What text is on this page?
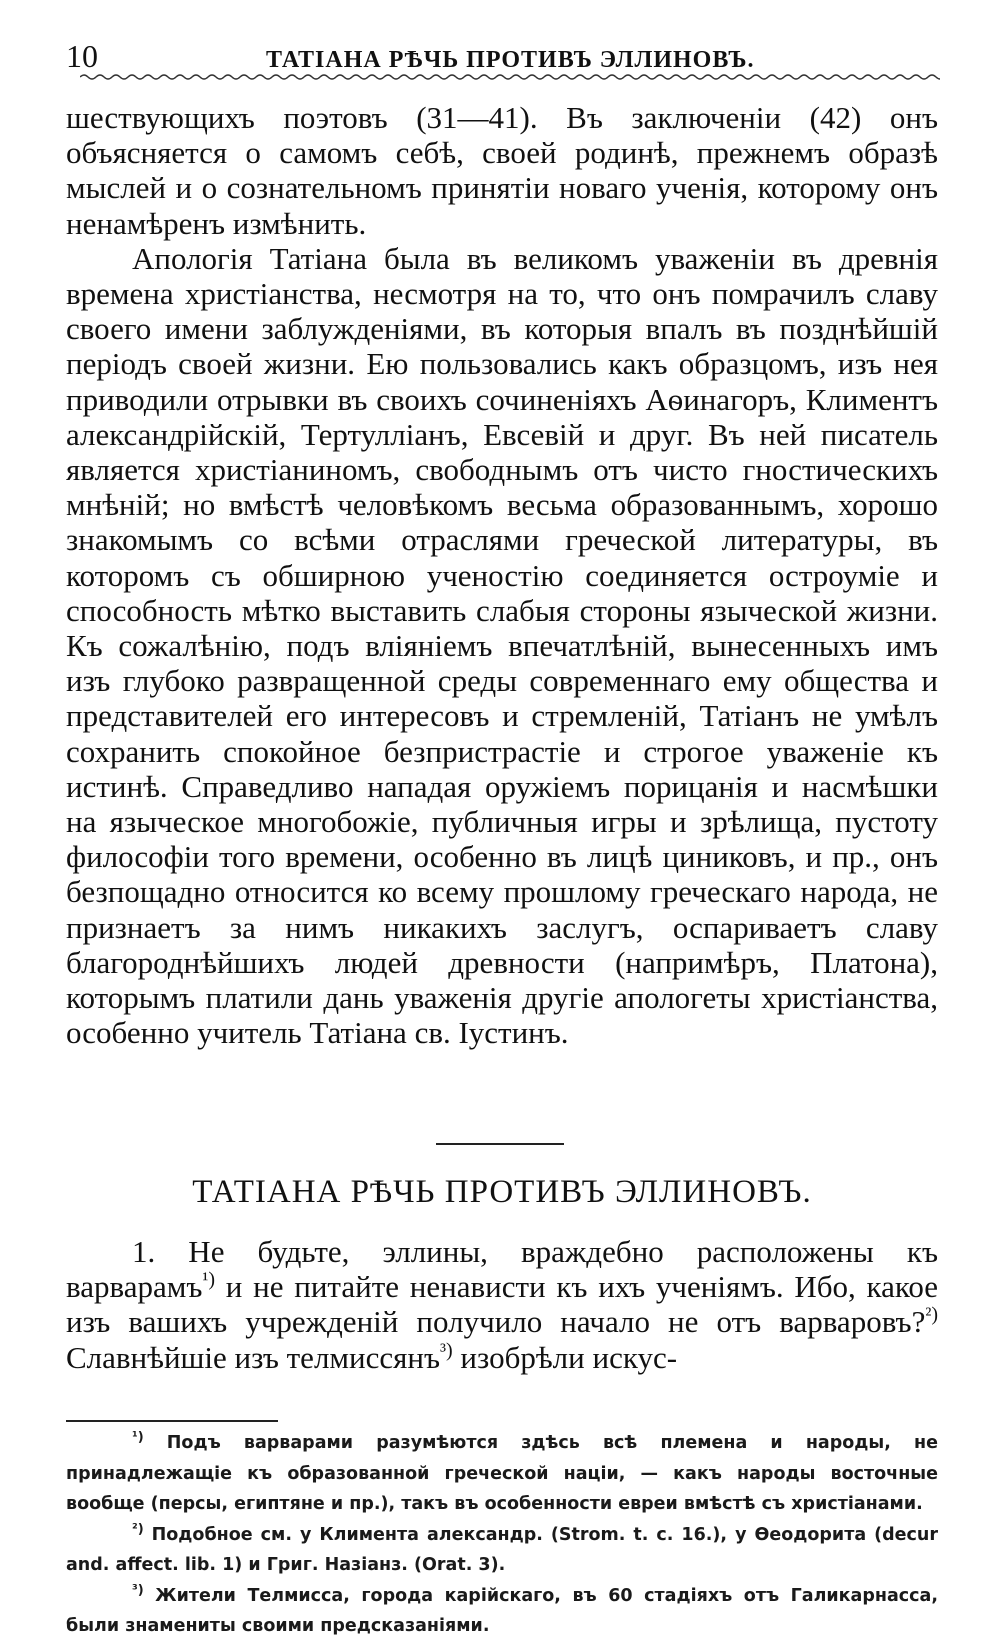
10	ТАТІАНА РѢЧЬ ПРОТИВЪ ЭЛЛИНОВЪ.

шествующихъ поэтовъ (31—41). Въ заключеніи (42) онъ объясняется о самомъ себѣ, своей родинѣ, прежнемъ образѣ мыслей и о сознательномъ принятіи новаго ученія, которому онъ ненамѣренъ измѣнить.

Апологія Татіана была въ великомъ уваженіи въ древнія времена христіанства, несмотря на то, что онъ помрачилъ славу своего имени заблужденіями, въ которыя впалъ въ позднѣйшій періодъ своей жизни. Ею пользовались какъ образцомъ, изъ нея приводили отрывки въ своихъ сочиненіяхъ Аѳинагоръ, Климентъ александрійскій, Тертулліанъ, Евсевій и друг. Въ ней писатель является христіаниномъ, свободнымъ отъ чисто гностическихъ мнѣній; но вмѣстѣ человѣкомъ весьма образованнымъ, хорошо знакомымъ со всѣми отраслями греческой литературы, въ которомъ съ обширною ученостію соединяется остроуміе и способность мѣтко выставить слабыя стороны языческой жизни. Къ сожалѣнію, подъ вліяніемъ впечатлѣній, вынесенныхъ имъ изъ глубоко развращенной среды современнаго ему общества и представителей его интересовъ и стремленій, Татіанъ не умѣлъ сохранить спокойное безпристрастіе и строгое уваженіе къ истинѣ. Справедливо нападая оружіемъ порицанія и насмѣшки на языческое многобожіе, публичныя игры и зрѣлища, пустоту философіи того времени, особенно въ лицѣ циниковъ, и пр., онъ безпощадно относится ко всему прошлому греческаго народа, не признаетъ за нимъ никакихъ заслугъ, оспариваетъ славу благороднѣйшихъ людей древности (напримѣръ, Платона), которымъ платили дань уваженія другіе апологеты христіанства, особенно учитель Татіана св. Іустинъ.

ТАТІАНА РѢЧЬ ПРОТИВЪ ЭЛЛИНОВЪ.

1. Не будьте, эллины, враждебно расположены къ варварамъ$^{^1)}$ и не питайте ненависти къ ихъ ученіямъ. Ибо, какое изъ вашихъ учрежденій получило начало не отъ варваровъ?$^{^2)}$ Славнѣйшіе изъ телмиссянъ$^{^3)}$ изобрѣли искус-

$^{^1)}$ Подъ варварами разумѣются здѣсь всѣ племена и народы, не принадлежащіе къ образованной греческой націи, — какъ народы восточные вообще (персы, египтяне и пр.), такъ въ особенности евреи вмѣстѣ съ христіанами.

$^{^2)}$ Подобное см. у Климента александр. (Strom. t. c. 16.), у Ѳеодорита (decur and. affect. lib. 1) и Григ. Назіанз. (Orat. 3).

$^{^3)}$ Жители Телмисса, города карійскаго, въ 60 стадіяхъ отъ Галикарнасса, были знамениты своими предсказаніями.
